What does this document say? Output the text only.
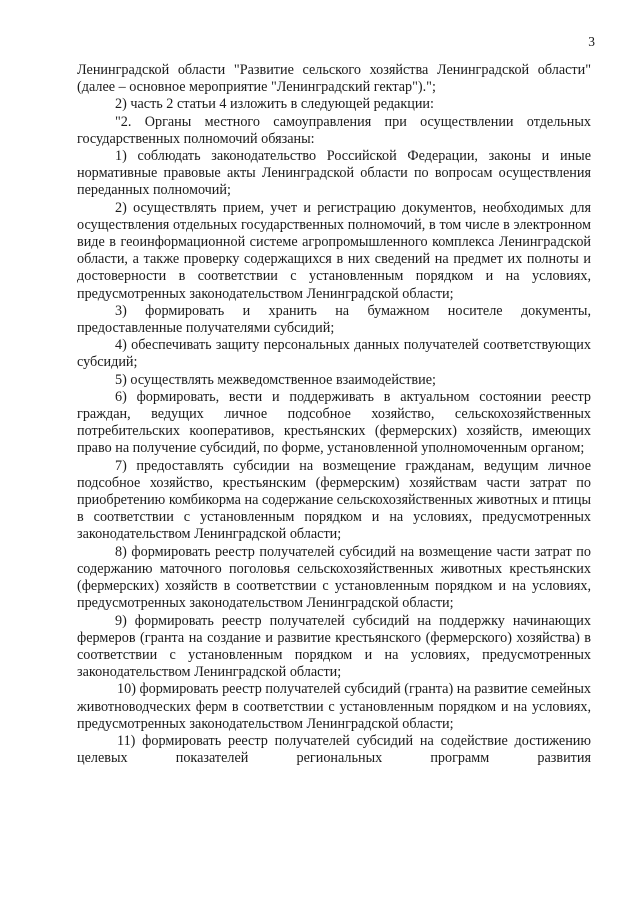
3

Ленинградской области "Развитие сельского хозяйства Ленинградской области" (далее – основное мероприятие "Ленинградский гектар").";

2) часть 2 статьи 4 изложить в следующей редакции:

"2. Органы местного самоуправления при осуществлении отдельных государственных полномочий обязаны:

1) соблюдать законодательство Российской Федерации, законы и иные нормативные правовые акты Ленинградской области по вопросам осуществления переданных полномочий;

2) осуществлять прием, учет и регистрацию документов, необходимых для осуществления отдельных государственных полномочий, в том числе в электронном виде в геоинформационной системе агропромышленного комплекса Ленинградской области, а также проверку содержащихся в них сведений на предмет их полноты и достоверности в соответствии с установленным порядком и на условиях, предусмотренных законодательством Ленинградской области;

3) формировать и хранить на бумажном носителе документы, предоставленные получателями субсидий;

4) обеспечивать защиту персональных данных получателей соответствующих субсидий;

5) осуществлять межведомственное взаимодействие;

6) формировать, вести и поддерживать в актуальном состоянии реестр граждан, ведущих личное подсобное хозяйство, сельскохозяйственных потребительских кооперативов, крестьянских (фермерских) хозяйств, имеющих право на получение субсидий, по форме, установленной уполномоченным органом;

7) предоставлять субсидии на возмещение гражданам, ведущим личное подсобное хозяйство, крестьянским (фермерским) хозяйствам части затрат по приобретению комбикорма на содержание сельскохозяйственных животных и птицы в соответствии с установленным порядком и на условиях, предусмотренных законодательством Ленинградской области;

8) формировать реестр получателей субсидий на возмещение части затрат по содержанию маточного поголовья сельскохозяйственных животных крестьянских (фермерских) хозяйств в соответствии с установленным порядком и на условиях, предусмотренных законодательством Ленинградской области;

9) формировать реестр получателей субсидий на поддержку начинающих фермеров (гранта на создание и развитие крестьянского (фермерского) хозяйства) в соответствии с установленным порядком и на условиях, предусмотренных законодательством Ленинградской области;

10) формировать реестр получателей субсидий (гранта) на развитие семейных животноводческих ферм в соответствии с установленным порядком и на условиях, предусмотренных законодательством Ленинградской области;

11) формировать реестр получателей субсидий на содействие достижению целевых показателей региональных программ развития
